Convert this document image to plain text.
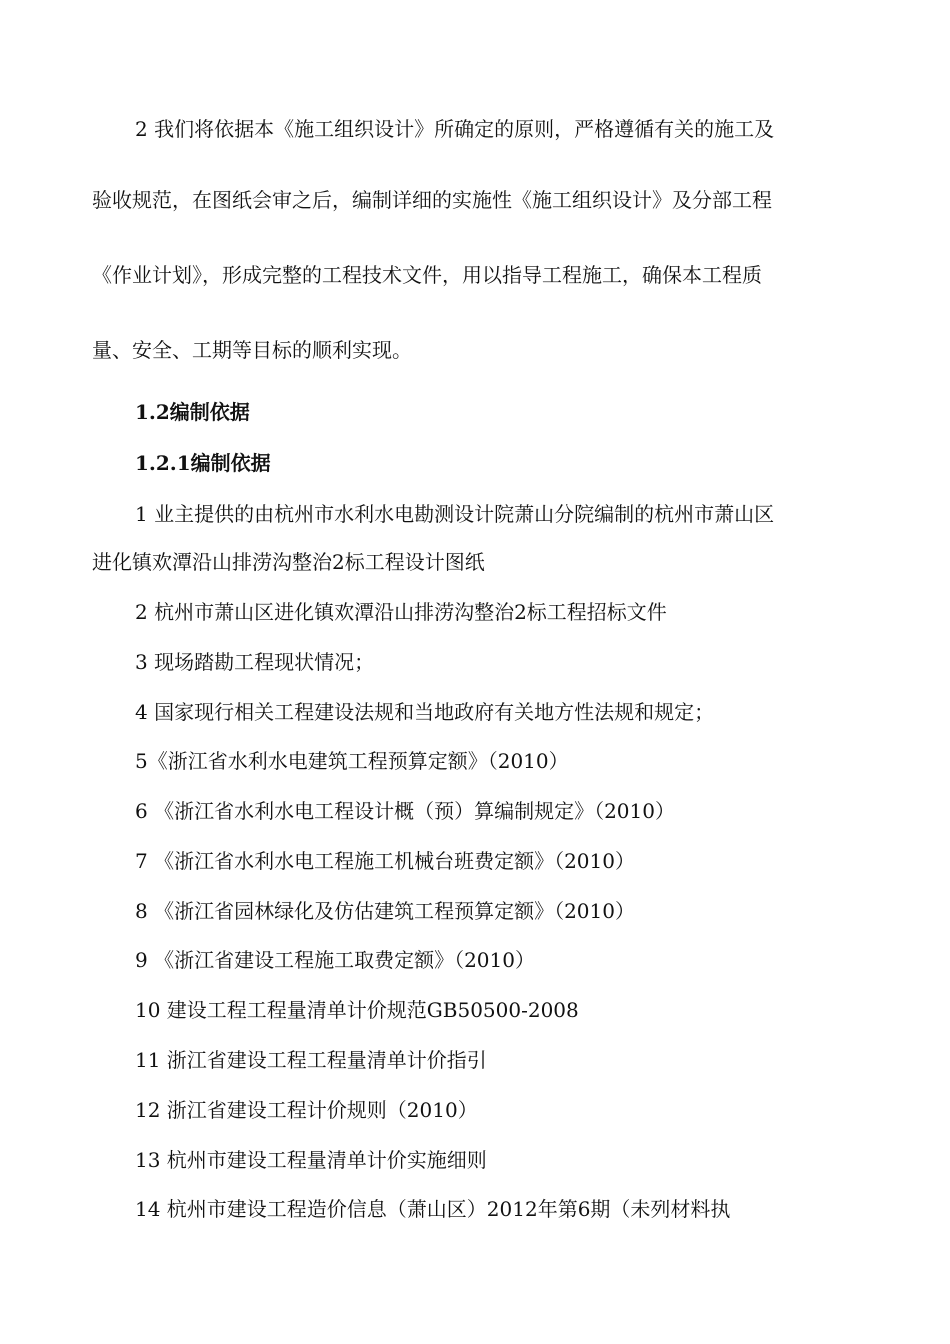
2 我们将依据本《施工组织设计》所确定的原则，严格遵循有关的施工及
验收规范，在图纸会审之后，编制详细的实施性《施工组织设计》及分部工程
《作业计划》，形成完整的工程技术文件，用以指导工程施工，确保本工程质
量、安全、工期等目标的顺利实现。
1.2编制依据
1.2.1编制依据
1 业主提供的由杭州市水利水电勘测设计院萧山分院编制的杭州市萧山区
进化镇欢潭沿山排涝沟整治2标工程设计图纸
2 杭州市萧山区进化镇欢潭沿山排涝沟整治2标工程招标文件
3 现场踏勘工程现状情况；
4 国家现行相关工程建设法规和当地政府有关地方性法规和规定；
5《浙江省水利水电建筑工程预算定额》（2010）
6 《浙江省水利水电工程设计概（预）算编制规定》（2010）
7 《浙江省水利水电工程施工机械台班费定额》（2010）
8 《浙江省园林绿化及仿估建筑工程预算定额》（2010）
9 《浙江省建设工程施工取费定额》（2010）
10 建设工程工程量清单计价规范GB50500-2008
11 浙江省建设工程工程量清单计价指引
12 浙江省建设工程计价规则（2010）
13 杭州市建设工程量清单计价实施细则
14 杭州市建设工程造价信息（萧山区）2012年第6期（未列材料执
